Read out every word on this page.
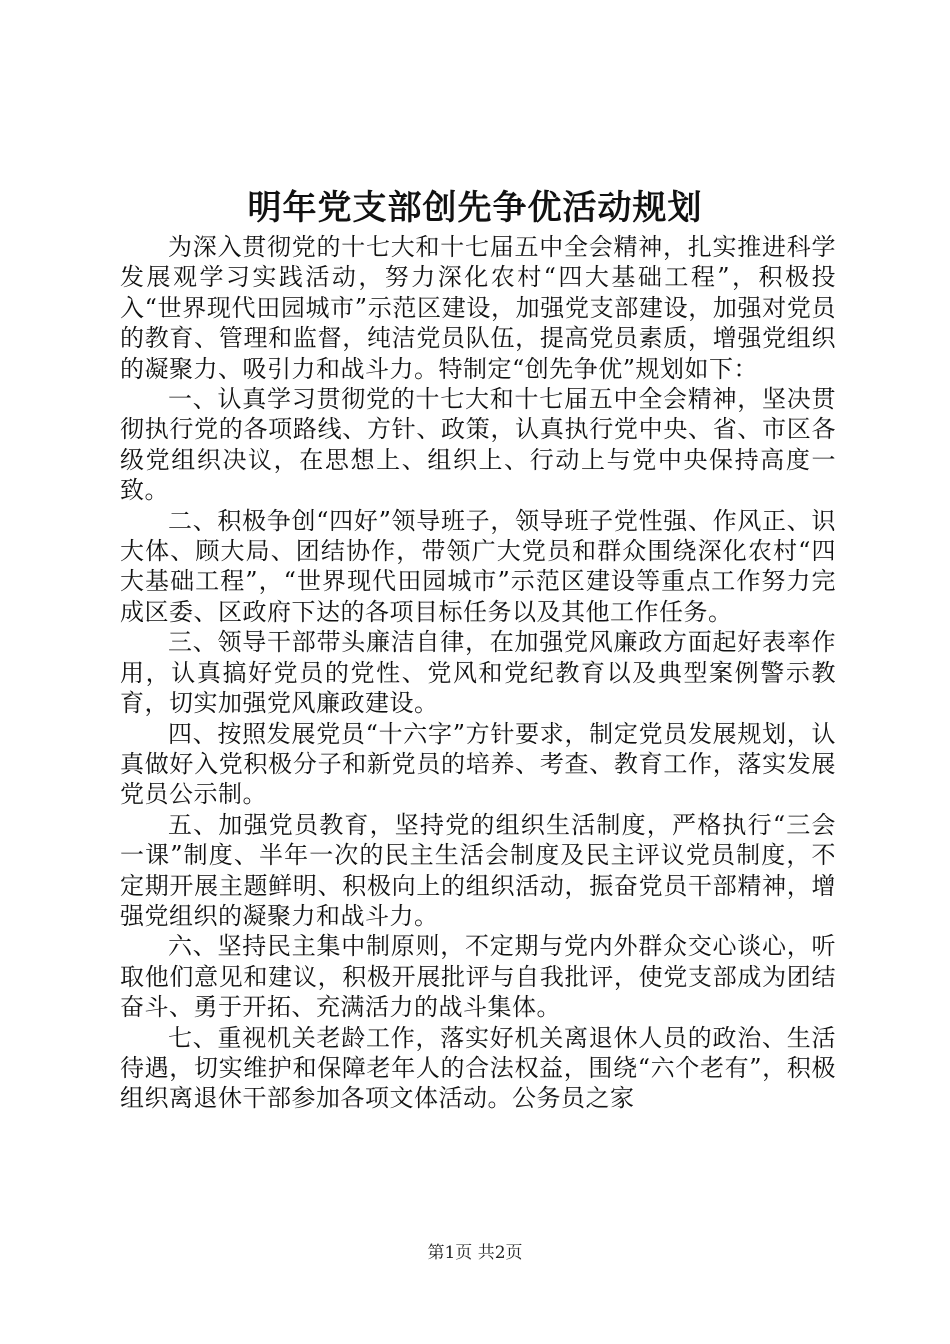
明年党支部创先争优活动规划

为深入贯彻党的十七大和十七届五中全会精神，扎实推进科学发展观学习实践活动，努力深化农村“四大基础工程”，积极投入“世界现代田园城市”示范区建设，加强党支部建设，加强对党员的教育、管理和监督，纯洁党员队伍，提高党员素质，增强党组织的凝聚力、吸引力和战斗力。特制定“创先争优”规划如下：

一、认真学习贯彻党的十七大和十七届五中全会精神，坚决贯彻执行党的各项路线、方针、政策，认真执行党中央、省、市区各级党组织决议，在思想上、组织上、行动上与党中央保持高度一致。

二、积极争创“四好”领导班子，领导班子党性强、作风正、识大体、顾大局、团结协作，带领广大党员和群众围绕深化农村“四大基础工程”，“世界现代田园城市”示范区建设等重点工作努力完成区委、区政府下达的各项目标任务以及其他工作任务。

三、领导干部带头廉洁自律，在加强党风廉政方面起好表率作用，认真搞好党员的党性、党风和党纪教育以及典型案例警示教育，切实加强党风廉政建设。

四、按照发展党员“十六字”方针要求，制定党员发展规划，认真做好入党积极分子和新党员的培养、考查、教育工作，落实发展党员公示制。

五、加强党员教育，坚持党的组织生活制度，严格执行“三会一课”制度、半年一次的民主生活会制度及民主评议党员制度，不定期开展主题鲜明、积极向上的组织活动，振奋党员干部精神，增强党组织的凝聚力和战斗力。

六、坚持民主集中制原则，不定期与党内外群众交心谈心，听取他们意见和建议，积极开展批评与自我批评，使党支部成为团结奋斗、勇于开拓、充满活力的战斗集体。

七、重视机关老龄工作，落实好机关离退休人员的政治、生活待遇，切实维护和保障老年人的合法权益，围绕“六个老有”，积极组织离退休干部参加各项文体活动。公务员之家

第1页 共2页
